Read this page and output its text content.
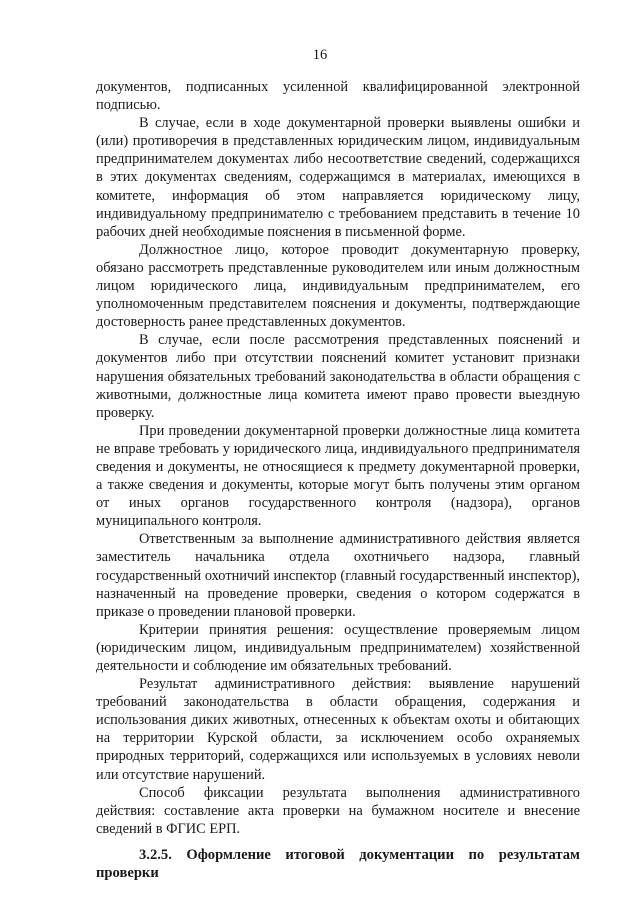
16

документов, подписанных усиленной квалифицированной электронной подписью.

В случае, если в ходе документарной проверки выявлены ошибки и (или) противоречия в представленных юридическим лицом, индивидуальным предпринимателем документах либо несоответствие сведений, содержащихся в этих документах сведениям, содержащимся в материалах, имеющихся в комитете, информация об этом направляется юридическому лицу, индивидуальному предпринимателю с требованием представить в течение 10 рабочих дней необходимые пояснения в письменной форме.

Должностное лицо, которое проводит документарную проверку, обязано рассмотреть представленные руководителем или иным должностным лицом юридического лица, индивидуальным предпринимателем, его уполномоченным представителем пояснения и документы, подтверждающие достоверность ранее представленных документов.

В случае, если после рассмотрения представленных пояснений и документов либо при отсутствии пояснений комитет установит признаки нарушения обязательных требований законодательства в области обращения с животными, должностные лица комитета имеют право провести выездную проверку.

При проведении документарной проверки должностные лица комитета не вправе требовать у юридического лица, индивидуального предпринимателя сведения и документы, не относящиеся к предмету документарной проверки, а также сведения и документы, которые могут быть получены этим органом от иных органов государственного контроля (надзора), органов муниципального контроля.

Ответственным за выполнение административного действия является заместитель начальника отдела охотничьего надзора, главный государственный охотничий инспектор (главный государственный инспектор), назначенный на проведение проверки, сведения о котором содержатся в приказе о проведении плановой проверки.

Критерии принятия решения: осуществление проверяемым лицом (юридическим лицом, индивидуальным предпринимателем) хозяйственной деятельности и соблюдение им обязательных требований.

Результат административного действия: выявление нарушений требований законодательства в области обращения, содержания и использования диких животных, отнесенных к объектам охоты и обитающих на территории Курской области, за исключением особо охраняемых природных территорий, содержащихся или используемых в условиях неволи или отсутствие нарушений.

Способ фиксации результата выполнения административного действия: составление акта проверки на бумажном носителе и внесение сведений в ФГИС ЕРП.

3.2.5. Оформление итоговой документации по результатам проверки
